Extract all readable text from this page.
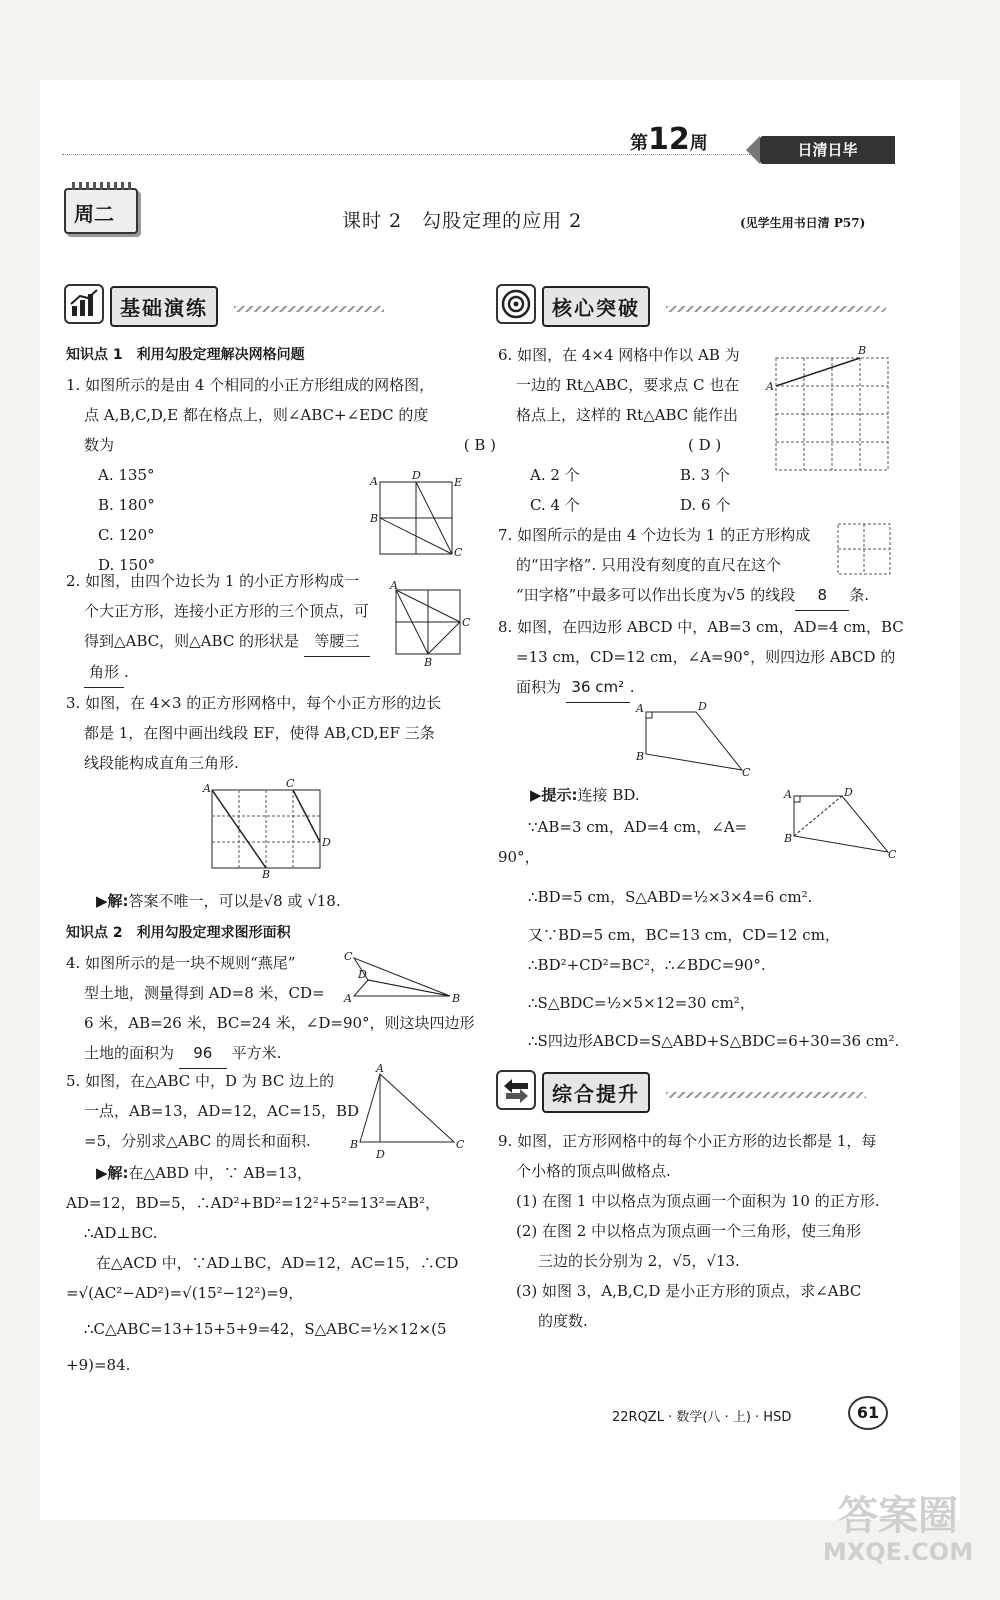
第12周	日清日毕
周二	课时 2　勾股定理的应用 2	(见学生用书日清 P57)
基础演练	核心突破
知识点 1　利用勾股定理解决网格问题
1. 如图所示的是由 4 个相同的小正方形组成的网格图，
点 A,B,C,D,E 都在格点上，则∠ABC+∠EDC 的度
数为	( B )
A. 135°
B. 180°
C. 120°
D. 150°
A	D
E
B
C
2. 如图，由四个边长为 1 的小正方形构成一
个大正方形，连接小正方形的三个顶点，可
得到△ABC，则△ABC 的形状是 等腰三
角形 .
A
C
B
3. 如图，在 4×3 的正方形网格中，每个小正方形的边长
都是 1，在图中画出线段 EF，使得 AB,CD,EF 三条
线段能构成直角三角形.
A	C
D
B
▶解:答案不唯一，可以是√8 或 √18.
知识点 2　利用勾股定理求图形面积
4. 如图所示的是一块不规则“燕尾”
型土地，测量得到 AD=8 米，CD=
6 米，AB=26 米，BC=24 米，∠D=90°，则这块四边形
土地的面积为 96 平方米.
C
D
A	B
5. 如图，在△ABC 中，D 为 BC 边上的
一点，AB=13，AD=12，AC=15，BD
=5，分别求△ABC 的周长和面积.
A
B
D
C
▶解:在△ABD 中，∵ AB=13，
AD=12，BD=5，∴AD²+BD²=12²+5²=13²=AB²，
∴AD⊥BC.
在△ACD 中，∵AD⊥BC，AD=12，AC=15，∴CD
=√(AC²−AD²)=√(15²−12²)=9，
∴C△ABC=13+15+5+9=42，S△ABC=½×12×(5
+9)=84.
6. 如图，在 4×4 网格中作以 AB 为
一边的 Rt△ABC，要求点 C 也在
格点上，这样的 Rt△ABC 能作出
( D )
A
B
A. 2 个	B. 3 个
C. 4 个	D. 6 个
7. 如图所示的是由 4 个边长为 1 的正方形构成
的“田字格”. 只用没有刻度的直尺在这个
“田字格”中最多可以作出长度为√5 的线段 8 条.
8. 如图，在四边形 ABCD 中，AB=3 cm，AD=4 cm，BC
=13 cm，CD=12 cm，∠A=90°，则四边形 ABCD 的
面积为 36 cm² .
A	D
B
C
▶提示:连接 BD.	A	D
B
C
∵AB=3 cm，AD=4 cm，∠A=
90°，
∴BD=5 cm，S△ABD=½×3×4=6 cm².
又∵BD=5 cm，BC=13 cm，CD=12 cm，
∴BD²+CD²=BC²，∴∠BDC=90°.
∴S△BDC=½×5×12=30 cm²，
∴S四边形ABCD=S△ABD+S△BDC=6+30=36 cm².
综合提升
9. 如图，正方形网格中的每个小正方形的边长都是 1，每
个小格的顶点叫做格点.
(1) 在图 1 中以格点为顶点画一个面积为 10 的正方形.
(2) 在图 2 中以格点为顶点画一个三角形，使三角形
三边的长分别为 2，√5，√13.
(3) 如图 3，A,B,C,D 是小正方形的顶点，求∠ABC
的度数.
22RQZL · 数学(八 · 上) · HSD	61
答案圈
MXQE.COM
